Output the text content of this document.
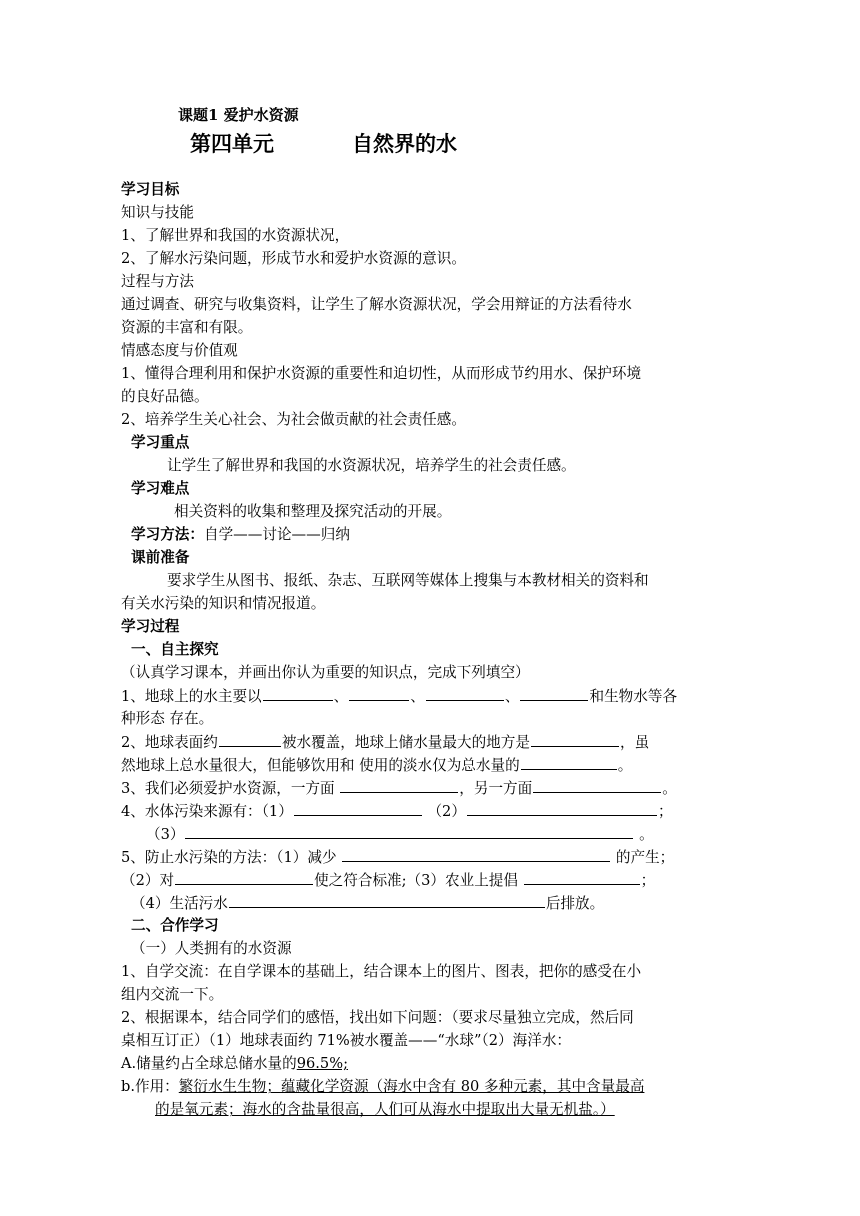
课题1 爱护水资源
第四单元	自然界的水
学习目标
知识与技能
1、了解世界和我国的水资源状况，
2、了解水污染问题，形成节水和爱护水资源的意识。
过程与方法
通过调查、研究与收集资料，让学生了解水资源状况，学会用辩证的方法看待水
资源的丰富和有限。
情感态度与价值观
1、懂得合理利用和保护水资源的重要性和迫切性，从而形成节约用水、保护环境
的良好品德。
2、培养学生关心社会、为社会做贡献的社会责任感。
学习重点
让学生了解世界和我国的水资源状况，培养学生的社会责任感。
学习难点
相关资料的收集和整理及探究活动的开展。
学习方法：自学——讨论——归纳
课前准备
要求学生从图书、报纸、杂志、互联网等媒体上搜集与本教材相关的资料和
有关水污染的知识和情况报道。
学习过程
一、自主探究
（认真学习课本，并画出你认为重要的知识点，完成下列填空）
1、地球上的水主要以	、	、	、	和生物水等各
种形态 存在。
2、地球表面约	被水覆盖，地球上储水量最大的地方是	，虽
然地球上总水量很大，但能够饮用和 使用的淡水仅为总水量的	。
3、我们必须爱护水资源，一方面	，另一方面	。
4、水体污染来源有：（1）	（2）	；
（3）	。
5、防止水污染的方法：（1）减少	的产生；
（2）对	使之符合标准;（3）农业上提倡	；
（4）生活污水	后排放。
二、合作学习
（一）人类拥有的水资源
1、自学交流：在自学课本的基础上，结合课本上的图片、图表，把你的感受在小
组内交流一下。
2、根据课本，结合同学们的感悟，找出如下问题：（要求尽量独立完成，然后同
桌相互订正）（1）地球表面约 71%被水覆盖——“水球”（2）海洋水：
A.储量约占全球总储水量的96.5%;
b.作用：繁衍水生生物；蕴藏化学资源（海水中含有 80 多种元素，其中含量最高
的是氧元素；海水的含盐量很高，人们可从海水中提取出大量无机盐。）
